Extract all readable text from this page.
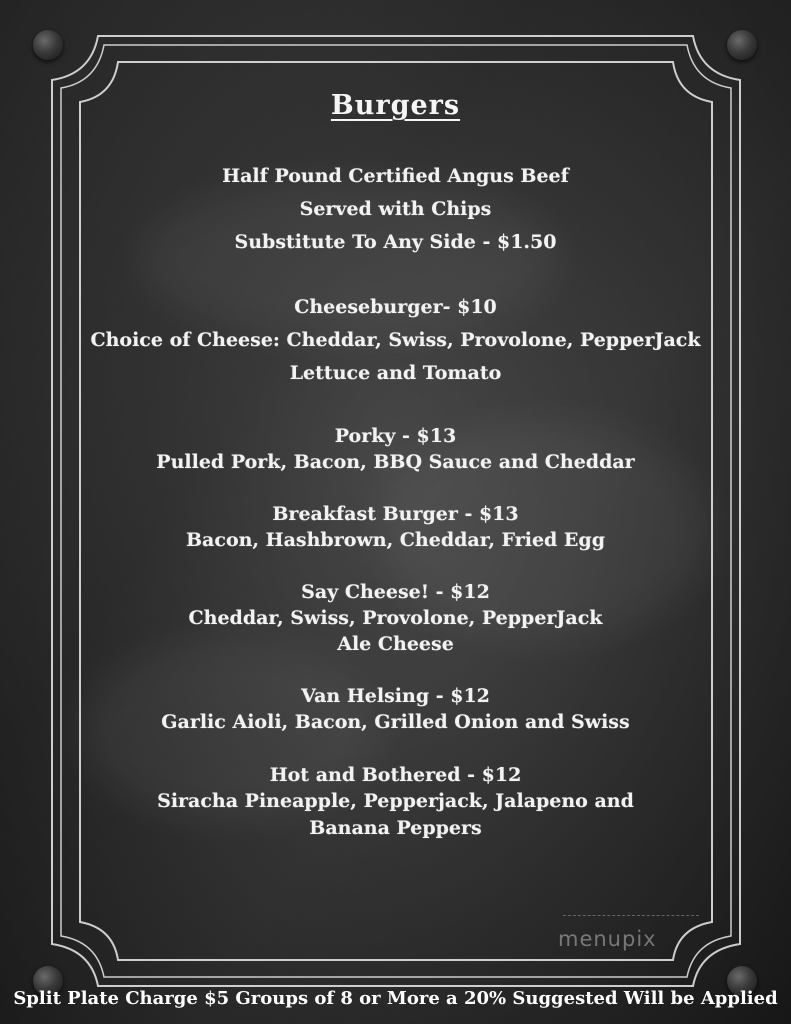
Burgers
Half Pound Certified Angus Beef
Served with Chips
Substitute To Any Side - $1.50
Cheeseburger- $10
Choice of Cheese: Cheddar, Swiss, Provolone, PepperJack
Lettuce and Tomato
Porky - $13
Pulled Pork, Bacon, BBQ Sauce and Cheddar
Breakfast Burger - $13
Bacon, Hashbrown, Cheddar, Fried Egg
Say Cheese! - $12
Cheddar, Swiss, Provolone, PepperJack
Ale Cheese
Van Helsing - $12
Garlic Aioli, Bacon, Grilled Onion and Swiss
Hot and Bothered - $12
Siracha Pineapple, Pepperjack, Jalapeno and
Banana Peppers
menupix
Split Plate Charge $5 Groups of 8 or More a 20% Suggested Will be Applied
